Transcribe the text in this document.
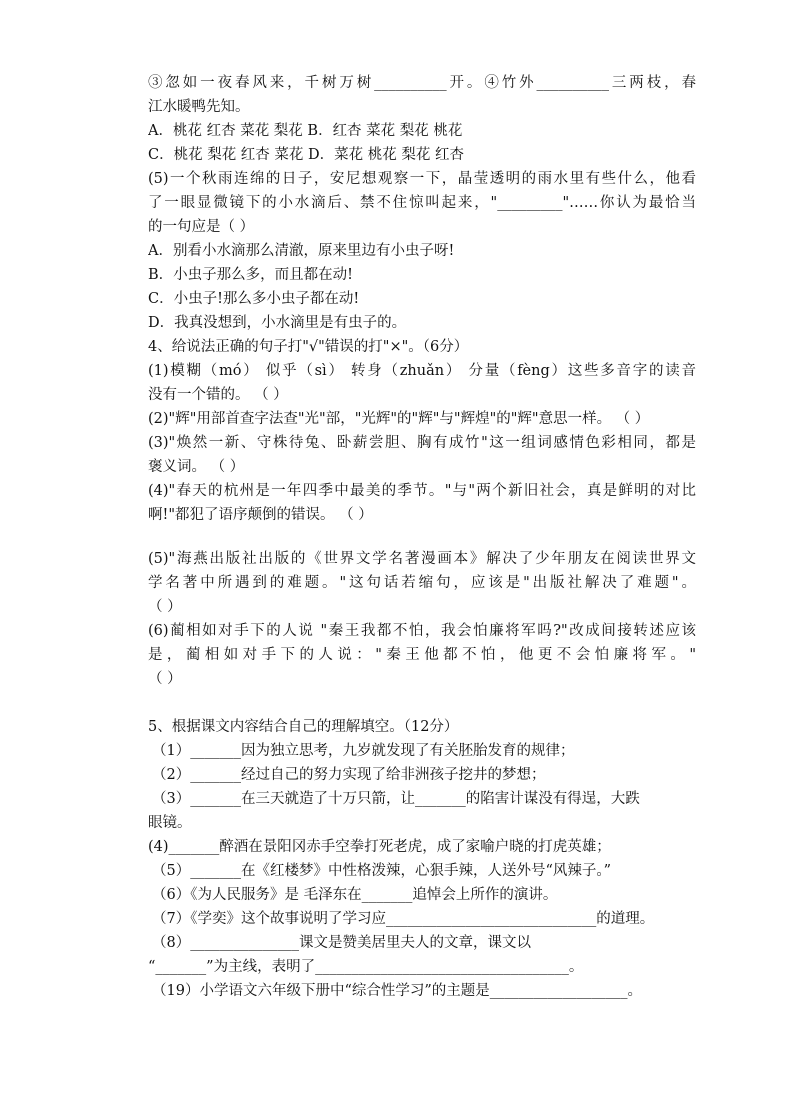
③忽如一夜春风来，千树万树__________开。④竹外__________三两枝，春
江水暖鸭先知。
A．桃花 红杏 菜花 梨花 B．红杏 菜花 梨花 桃花
C．桃花 梨花 红杏 菜花 D．菜花 桃花 梨花 红杏
(5)一个秋雨连绵的日子，安尼想观察一下，晶莹透明的雨水里有些什么，他看
了一眼显微镜下的小水滴后、禁不住惊叫起来，"_________"……你认为最恰当
的一句应是（ ）
A．别看小水滴那么清澈，原来里边有小虫子呀!
B．小虫子那么多，而且都在动!
C．小虫子!那么多小虫子都在动!
D．我真没想到，小水滴里是有虫子的。
4、给说法正确的句子打"√"错误的打"×"。（6分）
(1)模糊（mó） 似乎（sì） 转身（zhuǎn） 分量（fèng）这些多音字的读音
没有一个错的。 （ ）
(2)"辉"用部首查字法查"光"部，"光辉"的"辉"与"辉煌"的"辉"意思一样。 （ ）
(3)"焕然一新、守株待兔、卧薪尝胆、胸有成竹"这一组词感情色彩相同，都是
褒义词。 （ ）
(4)"春天的杭州是一年四季中最美的季节。"与"两个新旧社会，真是鲜明的对比
啊!"都犯了语序颠倒的错误。 （ ）
(5)"海燕出版社出版的《世界文学名著漫画本》解决了少年朋友在阅读世界文
学名著中所遇到的难题。"这句话若缩句，应该是"出版社解决了难题"。
（ ）
(6)蔺相如对手下的人说 "秦王我都不怕，我会怕廉将军吗?"改成间接转述应该
是，蔺相如对手下的人说："秦王他都不怕，他更不会怕廉将军。"
（ ）
5、根据课文内容结合自己的理解填空。（12分）
（1）_______因为独立思考，九岁就发现了有关胚胎发育的规律；
（2）_______经过自己的努力实现了给非洲孩子挖井的梦想；
（3）_______在三天就造了十万只箭，让_______的陷害计谋没有得逞，大跌
眼镜。
(4)_______醉酒在景阳冈赤手空拳打死老虎，成了家喻户晓的打虎英雄；
（5）_______在《红楼梦》中性格泼辣，心狠手辣，人送外号“风辣子。”
（6）《为人民服务》是 毛泽东在_______追悼会上所作的演讲。
（7）《学奕》这个故事说明了学习应_____________________________的道理。
（8）_______________课文是赞美居里夫人的文章，课文以
“_______”为主线，表明了___________________________________。
（19）小学语文六年级下册中“综合性学习”的主题是___________________。
